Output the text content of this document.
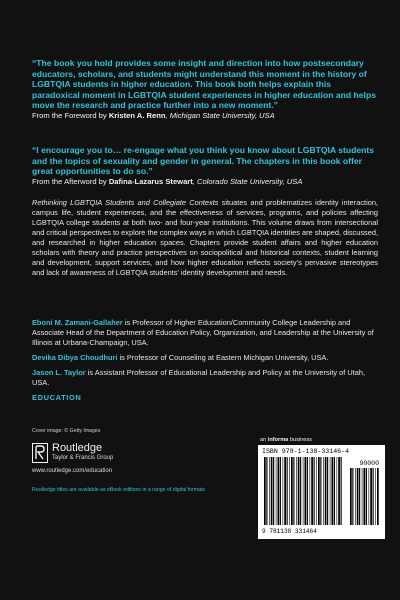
“The book you hold provides some insight and direction into how postsecondary educators, scholars, and students might understand this moment in the history of LGBTQIA students in higher education. This book both helps explain this paradoxical moment in LGBTQIA student experiences in higher education and helps move the research and practice further into a new moment.”

From the Foreword by Kristen A. Renn, Michigan State University, USA

“I encourage you to… re-engage what you think you know about LGBTQIA students and the topics of sexuality and gender in general. The chapters in this book offer great opportunities to do so.”

From the Afterword by Dafina-Lazarus Stewart, Colorado State University, USA

Rethinking LGBTQIA Students and Collegiate Contexts situates and problematizes identity interaction, campus life, student experiences, and the effectiveness of services, programs, and policies affecting LGBTQIA college students at both two- and four-year institutions. This volume draws from intersectional and critical perspectives to explore the complex ways in which LGBTQIA identities are shaped, discussed, and researched in higher education spaces. Chapters provide student affairs and higher education scholars with theory and practice perspectives on sociopolitical and historical contexts, student learning and development, support services, and how higher education reflects society’s pervasive stereotypes and lack of awareness of LGBTQIA students’ identity development and needs.

Eboni M. Zamani-Gallaher is Professor of Higher Education/Community College Leadership and Associate Head of the Department of Education Policy, Organization, and Leadership at the University of Illinois at Urbana-Champaign, USA.

Devika Dibya Choudhuri is Professor of Counseling at Eastern Michigan University, USA.

Jason L. Taylor is Assistant Professor of Educational Leadership and Policy at the University of Utah, USA.

EDUCATION
Cover image: © Getty Images
Routledge
Taylor & Francis Group
www.routledge.com/education
Routledge titles are available as eBook editions in a range of digital formats
an informa business
ISBN 978-1-138-33146-4
90000
9 781138 331464
